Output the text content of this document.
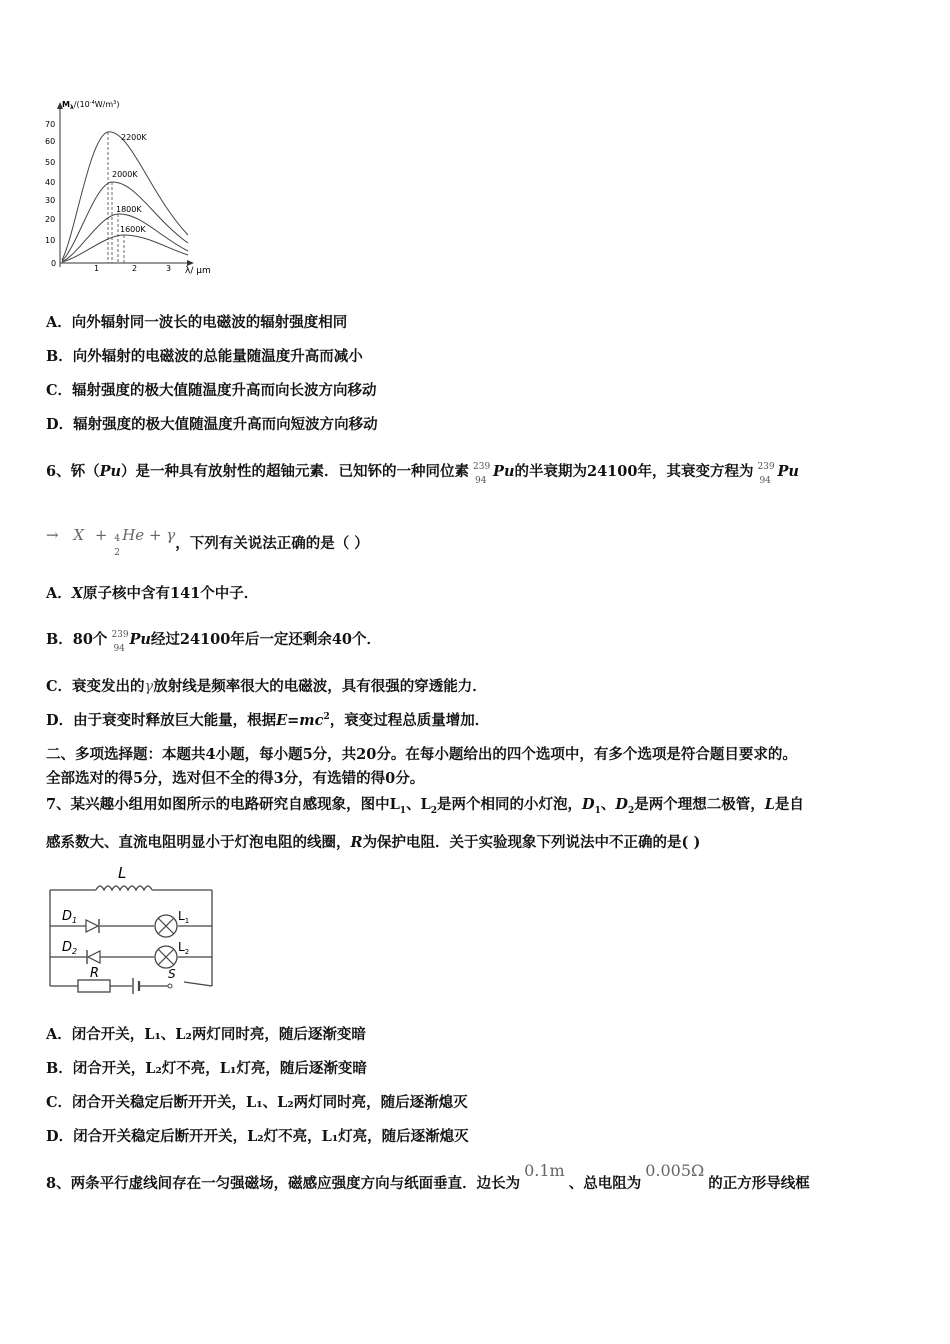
$M_\lambda/(10^{-4}W/m^3)$
λ/ μm
70
60
50
40
30
20
10
0
1	2	3
2200K
2000K
1800K
1600K
A．向外辐射同一波长的电磁波的辐射强度相同
B．向外辐射的电磁波的总能量随温度升高而减小
C．辐射强度的极大值随温度升高而向长波方向移动
D．辐射强度的极大值随温度升高而向短波方向移动
6、钚（Pu）是一种具有放射性的超铀元素．已知钚的一种同位素 239
94
Pu的半衰期为24100年，其衰变方程为 239
94
Pu
→ X + 4
2
He + γ，下列有关说法正确的是（ ）
A．X原子核中含有141个中子．
B．80个 239
94
Pu经过24100年后一定还剩余40个．
C．衰变发出的γ放射线是频率很大的电磁波，具有很强的穿透能力．
D．由于衰变时释放巨大能量，根据$E=mc^2$，衰变过程总质量增加．
二、多项选择题：本题共4小题，每小题5分，共20分。在每小题给出的四个选项中，有多个选项是符合题目要求的。
全部选对的得5分，选对但不全的得3分，有选错的得0分。
7、某兴趣小组用如图所示的电路研究自感现象，图中$L_1$、$L_2$是两个相同的小灯泡，$D_1$、$D_2$是两个理想二极管，L是自
感系数大、直流电阻明显小于灯泡电阻的线圈，R为保护电阻．关于实验现象下列说法中不正确的是( )
L
$D_1$	$L_1$
$D_2$	$L_2$
R	S
A．闭合开关，L₁、L₂两灯同时亮，随后逐渐变暗
B．闭合开关，L₂灯不亮，L₁灯亮，随后逐渐变暗
C．闭合开关稳定后断开开关，L₁、L₂两灯同时亮，随后逐渐熄灭
D．闭合开关稳定后断开开关，L₂灯不亮，L₁灯亮，随后逐渐熄灭
8、两条平行虚线间存在一匀强磁场，磁感应强度方向与纸面垂直．边长为0.1m、总电阻为0.005Ω的正方形导线框
